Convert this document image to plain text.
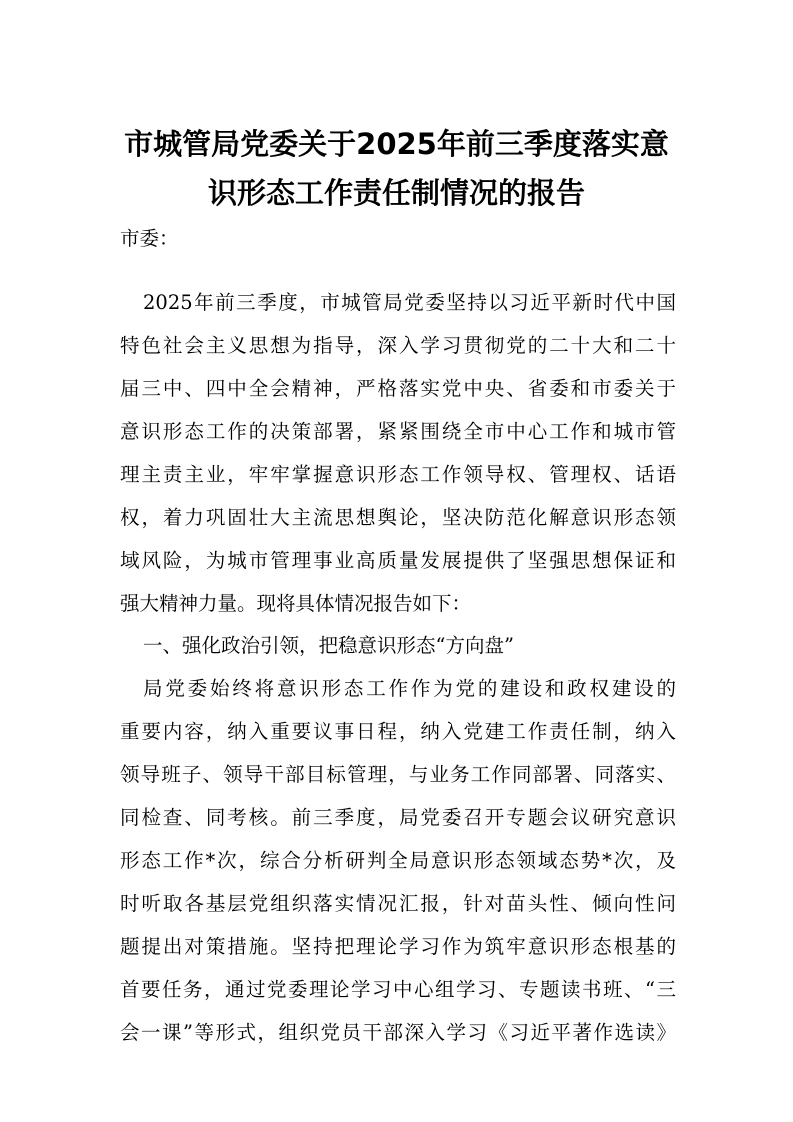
市城管局党委关于2025年前三季度落实意
识形态工作责任制情况的报告
市委：
2025年前三季度，市城管局党委坚持以习近平新时代中国
特色社会主义思想为指导，深入学习贯彻党的二十大和二十
届三中、四中全会精神，严格落实党中央、省委和市委关于
意识形态工作的决策部署，紧紧围绕全市中心工作和城市管
理主责主业，牢牢掌握意识形态工作领导权、管理权、话语
权，着力巩固壮大主流思想舆论，坚决防范化解意识形态领
域风险，为城市管理事业高质量发展提供了坚强思想保证和
强大精神力量。现将具体情况报告如下：
一、强化政治引领，把稳意识形态“方向盘”
局党委始终将意识形态工作作为党的建设和政权建设的
重要内容，纳入重要议事日程，纳入党建工作责任制，纳入
领导班子、领导干部目标管理，与业务工作同部署、同落实、
同检查、同考核。前三季度，局党委召开专题会议研究意识
形态工作*次，综合分析研判全局意识形态领域态势*次，及
时听取各基层党组织落实情况汇报，针对苗头性、倾向性问
题提出对策措施。坚持把理论学习作为筑牢意识形态根基的
首要任务，通过党委理论学习中心组学习、专题读书班、“三
会一课”等形式，组织党员干部深入学习《习近平著作选读》
